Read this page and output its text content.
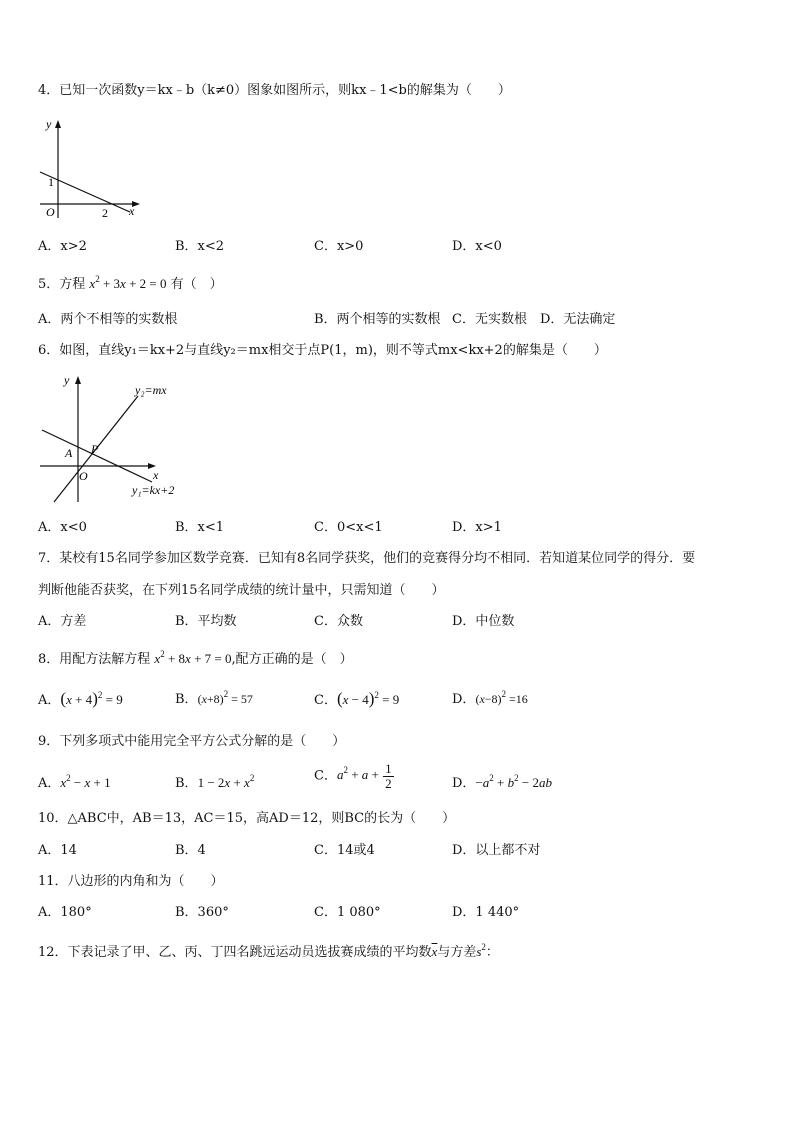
4．已知一次函数y＝kx﹣b（k≠0）图象如图所示，则kx﹣1<b的解集为（　　）
y
x
O
1
2
A．x>2	B．x<2	C．x>0	D．x<0
5．方程 $x^2 + 3x + 2 = 0$ 有（　）
A．两个不相等的实数根	B．两个相等的实数根 C．无实数根 D．无法确定
6．如图，直线y₁＝kx+2与直线y₂＝mx相交于点P(1，m)，则不等式mx<kx+2的解集是（　　）
y
x
O
A P
y₂=mx
y₁=kx+2
A．x<0	B．x<1	C．0<x<1	D．x>1
7．某校有15名同学参加区数学竞赛．已知有8名同学获奖，他们的竞赛得分均不相同．若知道某位同学的得分．要
判断他能否获奖，在下列15名同学成绩的统计量中，只需知道（　　）
A．方差	B．平均数	C．众数	D．中位数
8．用配方法解方程 $x^2 + 8x + 7 = 0$,配方正确的是（　）
A．$(x + 4)^2 = 9$	B．$(x+8)^2 = 57$	C．$(x - 4)^2 = 9$	D．$(x-8)^2 =16$
9．下列多项式中能用完全平方公式分解的是（　　）
A．$x^2 - x + 1$	B．$1 - 2x + x^2$	C．$a^2 + a + \frac{1}{2}$	D．$-a^2 + b^2 - 2ab$
10．△ABC中，AB＝13，AC＝15，高AD＝12，则BC的长为（　　）
A．14	B．4	C．14或4	D．以上都不对
11．八边形的内角和为（　　）
A．180°	B．360°	C．1 080°	D．1 440°
12．下表记录了甲、乙、丙、丁四名跳远运动员选拔赛成绩的平均数$\overline{x}$与方差$s^2$：
